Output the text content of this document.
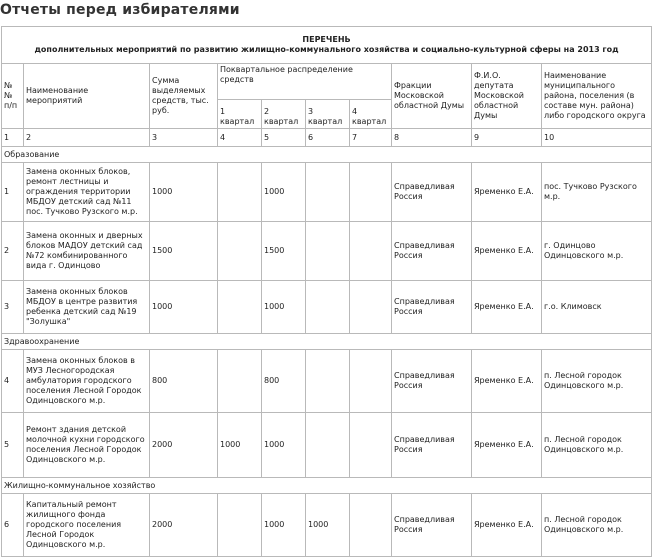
Отчеты перед избирателями
ПЕРЕЧЕНЬ
дополнительных мероприятий по развитию жилищно-коммунального хозяйства и социально-культурной сферы на 2013 год									

№ № п/п	Наименование мероприятий	Сумма выделяемых средств, тыс. руб.	Поквартальное распределение средств				Фракции Московской областной Думы	Ф.И.О. депутата Московской областной Думы	Наименование муниципального района, поселения (в составе мун. района) либо городского округа
			1 квартал	2 квартал	3 квартал	4 квартал			
1	2	3	4	5	6	7	8	9	10
Образование									
1	Замена оконных блоков, ремонт лестницы и ограждения территории МБДОУ детский сад №11 пос. Тучково Рузского м.р.	1000		1000			Справедливая Россия	Яременко Е.А.	пос. Тучково Рузского м.р.
2	Замена оконных и дверных блоков МАДОУ детский сад №72 комбинированного вида г. Одинцово	1500		1500			Справедливая Россия	Яременко Е.А.	г. Одинцово Одинцовского м.р.
3	Замена оконных блоков МБДОУ в центре развития ребенка детский сад №19 "Золушка"	1000		1000			Справедливая Россия	Яременко Е.А.	г.о. Климовск
Здравоохранение									
4	Замена оконных блоков в МУЗ Лесногородская амбулатория городского поселения Лесной Городок Одинцовского м.р.	800		800			Справедливая Россия	Яременко Е.А.	п. Лесной городок Одинцовского м.р.
5	Ремонт здания детской молочной кухни городского поселения Лесной Городок Одинцовского м.р.	2000	1000	1000			Справедливая Россия	Яременко Е.А.	п. Лесной городок Одинцовского м.р.
Жилищно-коммунальное хозяйство									
6	Капитальный ремонт жилищного фонда городского поселения Лесной Городок Одинцовского м.р.	2000		1000	1000		Справедливая Россия	Яременко Е.А.	п. Лесной городок Одинцовского м.р.
